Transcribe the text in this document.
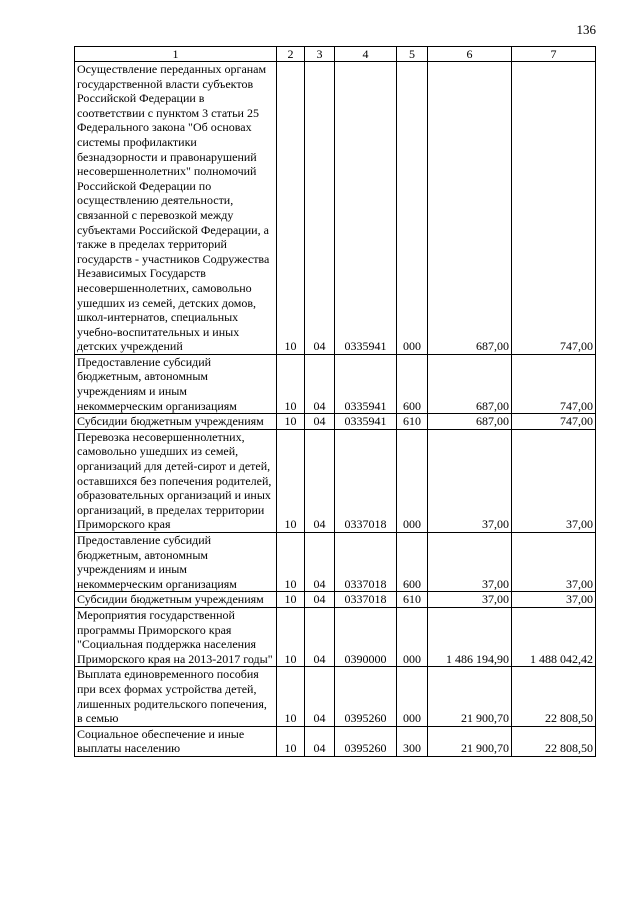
136
1	2	3	4	5	6	7
Осуществление переданных органам государственной власти субъектов Российской Федерации в соответствии с пунктом 3 статьи 25 Федерального закона "Об основах системы профилактики безнадзорности и правонарушений несовершеннолетних" полномочий Российской Федерации по осуществлению деятельности, связанной с перевозкой между субъектами Российской Федерации, а также в пределах территорий государств - участников Содружества Независимых Государств несовершеннолетних, самовольно ушедших из семей, детских домов, школ-интернатов, специальных учебно-воспитательных и иных детских учреждений	10	04	0335941	000	687,00	747,00
Предоставление субсидий бюджетным, автономным учреждениям и иным некоммерческим организациям	10	04	0335941	600	687,00	747,00
Субсидии бюджетным учреждениям	10	04	0335941	610	687,00	747,00
Перевозка несовершеннолетних, самовольно ушедших из семей, организаций для детей-сирот и детей, оставшихся без попечения родителей, образовательных организаций и иных организаций, в пределах территории Приморского края	10	04	0337018	000	37,00	37,00
Предоставление субсидий бюджетным, автономным учреждениям и иным некоммерческим организациям	10	04	0337018	600	37,00	37,00
Субсидии бюджетным учреждениям	10	04	0337018	610	37,00	37,00
Мероприятия государственной программы Приморского края "Социальная поддержка населения Приморского края на 2013-2017 годы"	10	04	0390000	000	1 486 194,90	1 488 042,42
Выплата единовременного пособия при всех формах устройства детей, лишенных родительского попечения, в семью	10	04	0395260	000	21 900,70	22 808,50
Социальное обеспечение и иные выплаты населению	10	04	0395260	300	21 900,70	22 808,50
